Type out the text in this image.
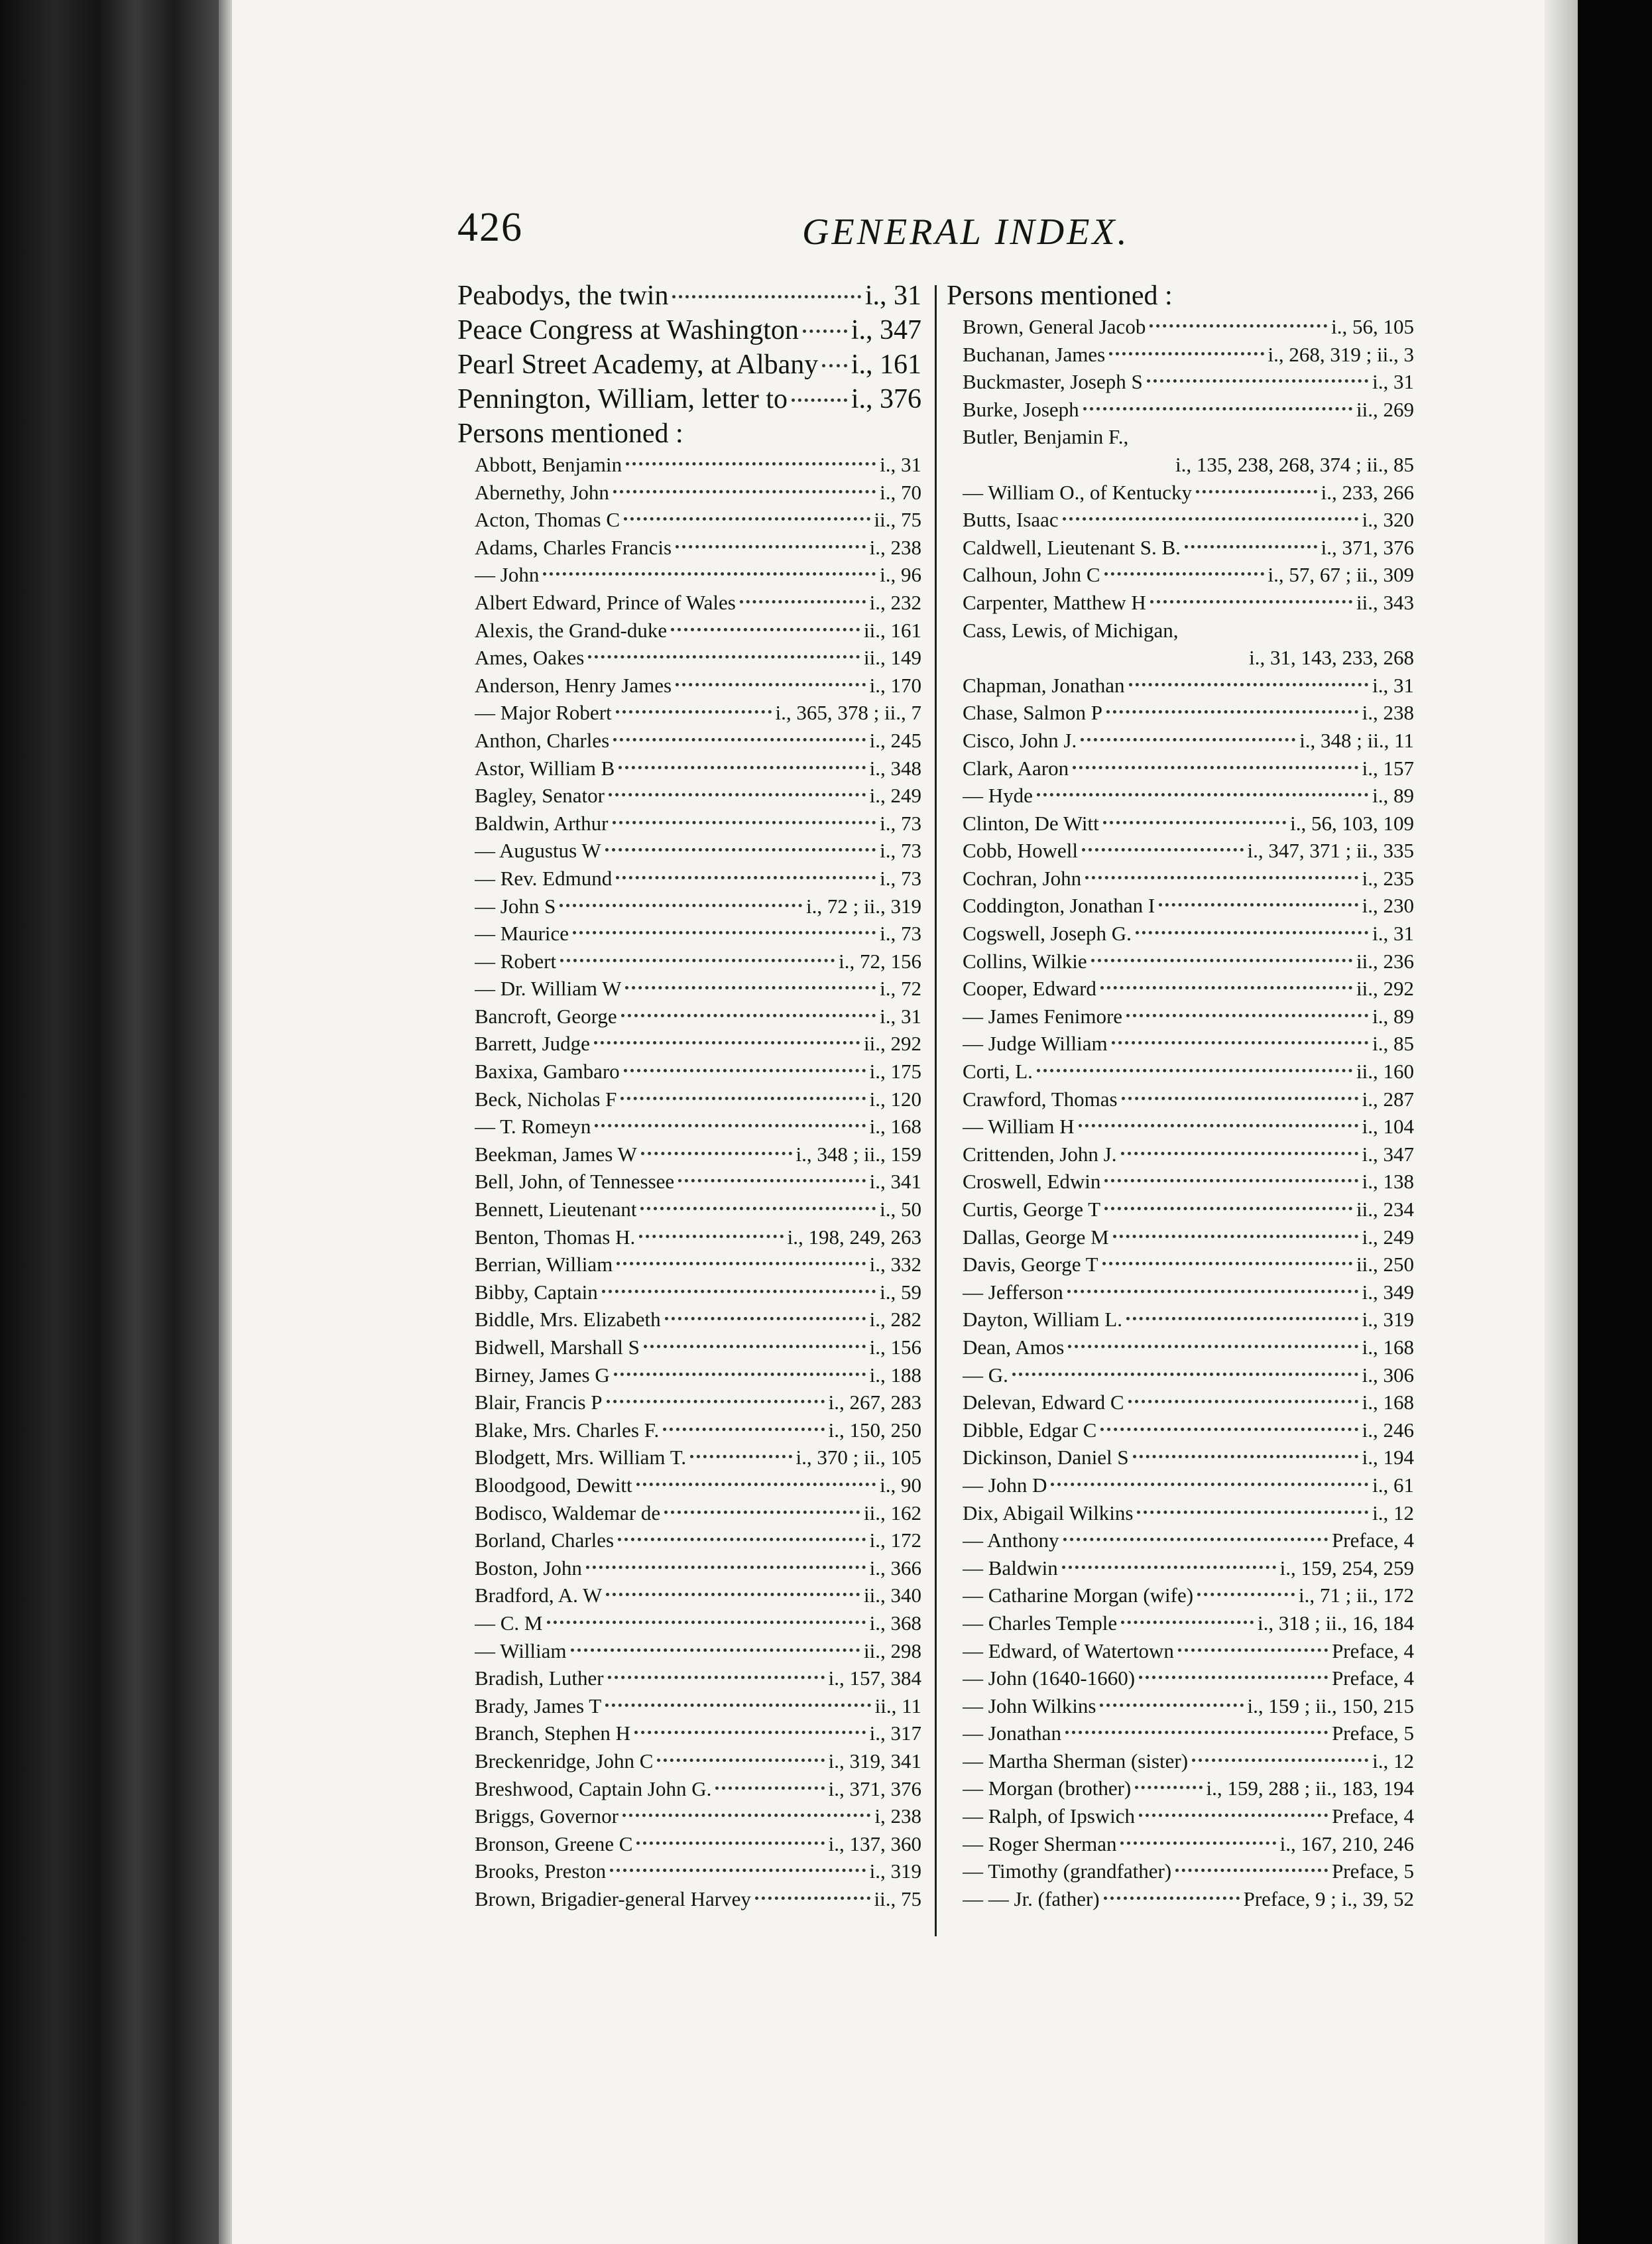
426	GENERAL INDEX.
Peabodys, the twin	i., 31
Peace Congress at Washington i., 347
Pearl Street Academy, at Albany i., 161
Pennington, William, letter to i., 376
Persons mentioned :
Abbott, Benjamin	i., 31
Abernethy, John	i., 70
Acton, Thomas C	ii., 75
Adams, Charles Francis	i., 238
— John	i., 96
Albert Edward, Prince of Wales	i., 232
Alexis, the Grand-duke	ii., 161
Ames, Oakes	ii., 149
Anderson, Henry James	i., 170
— Major Robert	i., 365, 378 ; ii., 7
Anthon, Charles	i., 245
Astor, William B	i., 348
Bagley, Senator	i., 249
Baldwin, Arthur	i., 73
— Augustus W	i., 73
— Rev. Edmund	i., 73
— John S	i., 72 ; ii., 319
— Maurice	i., 73
— Robert	i., 72, 156
— Dr. William W	i., 72
Bancroft, George	i., 31
Barrett, Judge	ii., 292
Baxixa, Gambaro	i., 175
Beck, Nicholas F	i., 120
— T. Romeyn	i., 168
Beekman, James W	i., 348 ; ii., 159
Bell, John, of Tennessee	i., 341
Bennett, Lieutenant	i., 50
Benton, Thomas H.	i., 198, 249, 263
Berrian, William	i., 332
Bibby, Captain	i., 59
Biddle, Mrs. Elizabeth	i., 282
Bidwell, Marshall S	i., 156
Birney, James G	i., 188
Blair, Francis P	i., 267, 283
Blake, Mrs. Charles F.	i., 150, 250
Blodgett, Mrs. William T.	i., 370 ; ii., 105
Bloodgood, Dewitt	i., 90
Bodisco, Waldemar de	ii., 162
Borland, Charles	i., 172
Boston, John	i., 366
Bradford, A. W	ii., 340
— C. M	i., 368
— William	ii., 298
Bradish, Luther	i., 157, 384
Brady, James T	ii., 11
Branch, Stephen H	i., 317
Breckenridge, John C	i., 319, 341
Breshwood, Captain John G.	i., 371, 376
Briggs, Governor	i, 238
Bronson, Greene C	i., 137, 360
Brooks, Preston	i., 319
Brown, Brigadier-general Harvey	ii., 75
Persons mentioned :
Brown, General Jacob	i., 56, 105
Buchanan, James	i., 268, 319 ; ii., 3
Buckmaster, Joseph S	i., 31
Burke, Joseph	ii., 269
Butler, Benjamin F.,
i., 135, 238, 268, 374 ; ii., 85
— William O., of Kentucky	i., 233, 266
Butts, Isaac	i., 320
Caldwell, Lieutenant S. B.	i., 371, 376
Calhoun, John C	i., 57, 67 ; ii., 309
Carpenter, Matthew H	ii., 343
Cass, Lewis, of Michigan,
i., 31, 143, 233, 268
Chapman, Jonathan	i., 31
Chase, Salmon P	i., 238
Cisco, John J.	i., 348 ; ii., 11
Clark, Aaron	i., 157
— Hyde	i., 89
Clinton, De Witt	i., 56, 103, 109
Cobb, Howell	i., 347, 371 ; ii., 335
Cochran, John	i., 235
Coddington, Jonathan I	i., 230
Cogswell, Joseph G.	i., 31
Collins, Wilkie	ii., 236
Cooper, Edward	ii., 292
— James Fenimore	i., 89
— Judge William	i., 85
Corti, L.	ii., 160
Crawford, Thomas	i., 287
— William H	i., 104
Crittenden, John J.	i., 347
Croswell, Edwin	i., 138
Curtis, George T	ii., 234
Dallas, George M	i., 249
Davis, George T	ii., 250
— Jefferson	i., 349
Dayton, William L.	i., 319
Dean, Amos	i., 168
— G.	i., 306
Delevan, Edward C	i., 168
Dibble, Edgar C	i., 246
Dickinson, Daniel S	i., 194
— John D	i., 61
Dix, Abigail Wilkins	i., 12
— Anthony	Preface, 4
— Baldwin	i., 159, 254, 259
— Catharine Morgan (wife)	i., 71 ; ii., 172
— Charles Temple	i., 318 ; ii., 16, 184
— Edward, of Watertown	Preface, 4
— John (1640-1660)	Preface, 4
— John Wilkins	i., 159 ; ii., 150, 215
— Jonathan	Preface, 5
— Martha Sherman (sister)	i., 12
— Morgan (brother)	i., 159, 288 ; ii., 183, 194
— Ralph, of Ipswich	Preface, 4
— Roger Sherman	i., 167, 210, 246
— Timothy (grandfather)	Preface, 5
— — Jr. (father)	Preface, 9 ; i., 39, 52
